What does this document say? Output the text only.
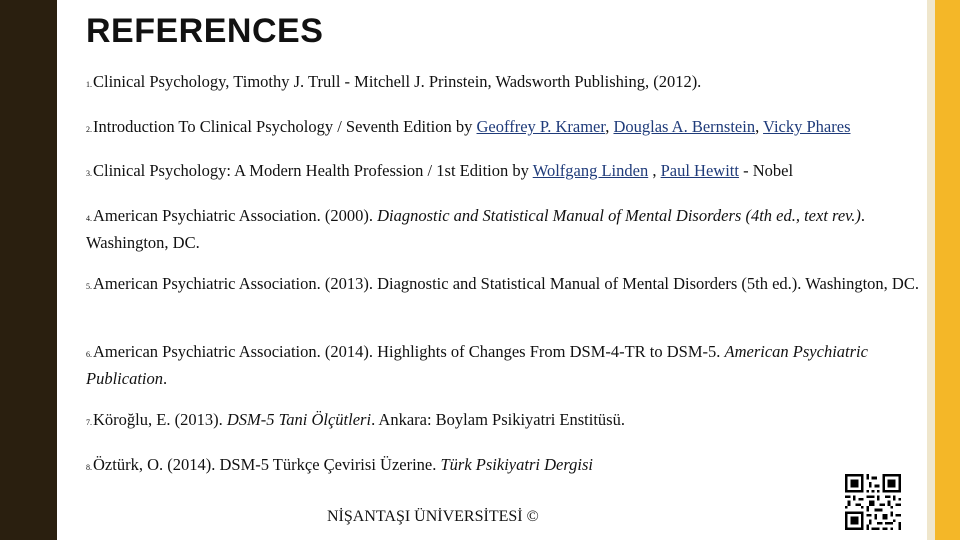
REFERENCES
1.Clinical Psychology, Timothy J. Trull - Mitchell J. Prinstein, Wadsworth Publishing, (2012).
2.Introduction To Clinical Psychology / Seventh Edition by Geoffrey P. Kramer, Douglas A. Bernstein, Vicky Phares
3.Clinical Psychology: A Modern Health Profession / 1st Edition by Wolfgang Linden , Paul Hewitt - Nobel
4.American Psychiatric Association. (2000). Diagnostic and Statistical Manual of Mental Disorders (4th ed., text rev.). Washington, DC.
5.American Psychiatric Association. (2013). Diagnostic and Statistical Manual of Mental Disorders (5th ed.). Washington, DC.
6.American Psychiatric Association. (2014). Highlights of Changes From DSM-4-TR to DSM-5. American Psychiatric Publication.
7.Köroğlu, E. (2013). DSM-5 Tani Ölçütleri. Ankara: Boylam Psikiyatri Enstitüsü.
8.Öztürk, O. (2014). DSM-5 Türkçe Çevirisi Üzerine. Türk Psikiyatri Dergisi
NİŞANTAŞI ÜNİVERSİTESİ ©
